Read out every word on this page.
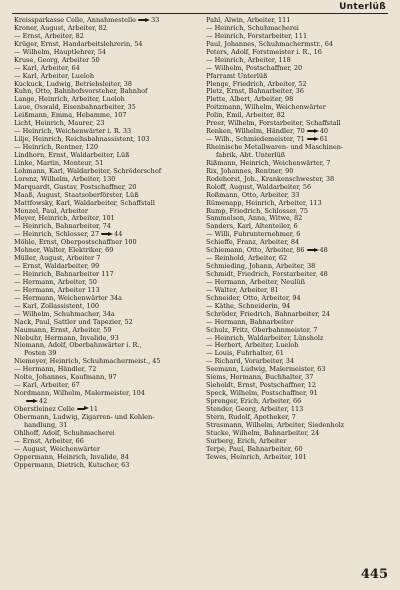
Unterlüß
Kreissparkasse Celle, Annahmestelle 33
Kroner, August, Arbeiter, 82
— Ernst, Arbeiter, 82
Krüger, Ernst, Handarbeitslehrerin, 54
— Wilhelm, Hauptlehrer, 54
Kruse, Georg, Arbeiter 50
— Karl, Arbeiter, 64
— Karl, Arbeiter, Lueloh
Kuckuck, Ludwig, Betriebsleiter, 38
Kuhn, Otto, Bahnhofsvorsteher, Bahnhof
Lange, Heinrich, Arbeiter, Lueloh
Laue, Oswald, Eisenbahnarbeiter, 35
Leißmann, Emma, Hebamme, 107
Licht, Heinrich, Maurer, 23
— Heinrich, Weichenwärter i. R. 33
Lilje, Heinrich, Reichsbahnassistent, 103
— Heinrich, Rentner, 120
Lindhorn, Ernst, Waldarbeiter, Lüß
Linke, Martin, Monteur, 51
Lohmann, Karl, Waldarbeiter, Schröderschof
Lorenz, Wilhelm, Arbeiter, 130
Marquardt, Gustav, Postschaffner, 20
Maaß, August, Staatsoberförster, Lüß
Mattfowsky, Karl, Waldarbeiter, Schaffstall
Menzel, Paul, Arbeiter
Meyer, Heinrich, Arbeiter, 101
— Heinrich, Bahnarbeiter, 74
— Heinrich, Schlosser, 27 44
Möhle, Ernst, Oberpostschaffner 100
Mohner, Walter, Elektriker, 69
Müller, August, Arbeiter 7
— Ernst, Waldarbeiter, 99
— Heinrich, Bahnarbeiter 117
— Hermann, Arbeiter, 50
— Hermann, Arbeiter 113
— Hermann, Weichenwärter 34a
— Karl, Zollassistent, 100
— Wilhelm, Schuhmacher, 34a
Nack, Paul, Sattler und Tapezier, 52
Naumann, Ernst, Arbeiter, 59
Niebuhr, Hermann, Invalide, 93
Niemann, Adolf, Oberbahnwärter i. R.,
Posten 39
Niemeyer, Heinrich, Schuhmachermeist., 45
— Hermann, Händler, 72
Nolte, Johannes, Kaufmann, 97
— Karl, Arbeiter, 67
Nordmann, Wilhelm, Malermeister, 104
42
Oberstleinez Celle 11
Obermann, Ludwig, Zigarren- und Kohlen-
handlung, 31
Ohlhoff, Adolf, Schuhmacherei
— Ernst, Arbeiter, 66
— August, Weichenwärter
Oppermann, Heinrich, Invalide, 84
Oppermann, Dietrich, Kutscher, 63
Pahl, Alwin, Arbeiter, 111
— Heinrich, Schuhmacherei
— Heinrich, Forstarbeiter, 111
Paul, Johannes, Schuhmachermstr., 64
Peters, Adolf, Forstmeister i. R., 16
— Heinrich, Arbeiter, 118
— Wilhelm, Postschaffner, 20
Pfarramt Unterlüß
Plenge, Friedrich, Arbeiter, 52
Pletz, Ernst, Bahnarbeiter, 36
Plette, Albert, Arbeiter, 98
Poitzmann, Wilhelm, Weichenwärter
Polin, Emil, Arbeiter, 82
Preer, Wilhelm, Forstarbeiter, Schaffstall
Renken, Wilhelm, Händler, 70 40
— Wilh., Schmiedemeister, 71 61
Rheinische Metallwaren- und Maschinen-
fabrik, Abt. Unterlüß
Rißmann, Heinrich, Weichenwärter, 7
Rix, Johannes, Rentner, 90
Rodehorst, Joh., Krankenschwester, 38
Roloff, August, Waldarbeiter, 56
Roßmann, Otto, Arbeiter, 33
Rümenapp, Heinrich, Arbeiter, 113
Rump, Friedrich, Schlosser, 75
Sammelson, Anna, Witwe, 82
Sanders, Karl, Altenteiler, 6
— Willi, Fuhrunternehmer, 6
Schieffe, Franz, Arbeiter, 84
Schiemann, Otto, Arbeiter, 86 48
— Reinhold, Arbeiter, 62
Schmieding, Johann, Arbeiter, 38
Schmidt, Friedrich, Forstarbeiter, 48
— Hermann, Arbeiter, Neulüß
— Walter, Arbeiter, 81
Schneider, Otto, Arbeiter, 94
— Käthe, Schneiderin, 94
Schröder, Friedrich, Bahnarbeiter, 24
— Hermann, Bahnarbeiter
Schulz, Fritz, Oberbahnmeister, 7
— Heinrich, Waldarbeiter, Lünsholz
— Herbert, Arbeiter, Lueloh
— Louis, Fuhrhalter, 61
— Richard, Vorarbeiter, 34
Seemann, Ludwig, Malermeister, 63
Siems, Hermann, Buchhalter, 37
Sieholdt, Ernst, Postschaffner, 12
Speck, Wilhelm, Postschaffner, 91
Sprenger, Erich, Arbeiter, 66
Stender, Georg, Arbeiter, 113
Stern, Rudolf, Apotheker, 7
Strasmann, Wilhelm, Arbeiter, Siedenholz
Stucke, Wilhelm, Bahnarbeiter, 24
Surberg, Erich, Arbeiter
Terpe, Paul, Bahnarbeiter, 60
Tewes, Heinrich, Arbeiter, 101
445
